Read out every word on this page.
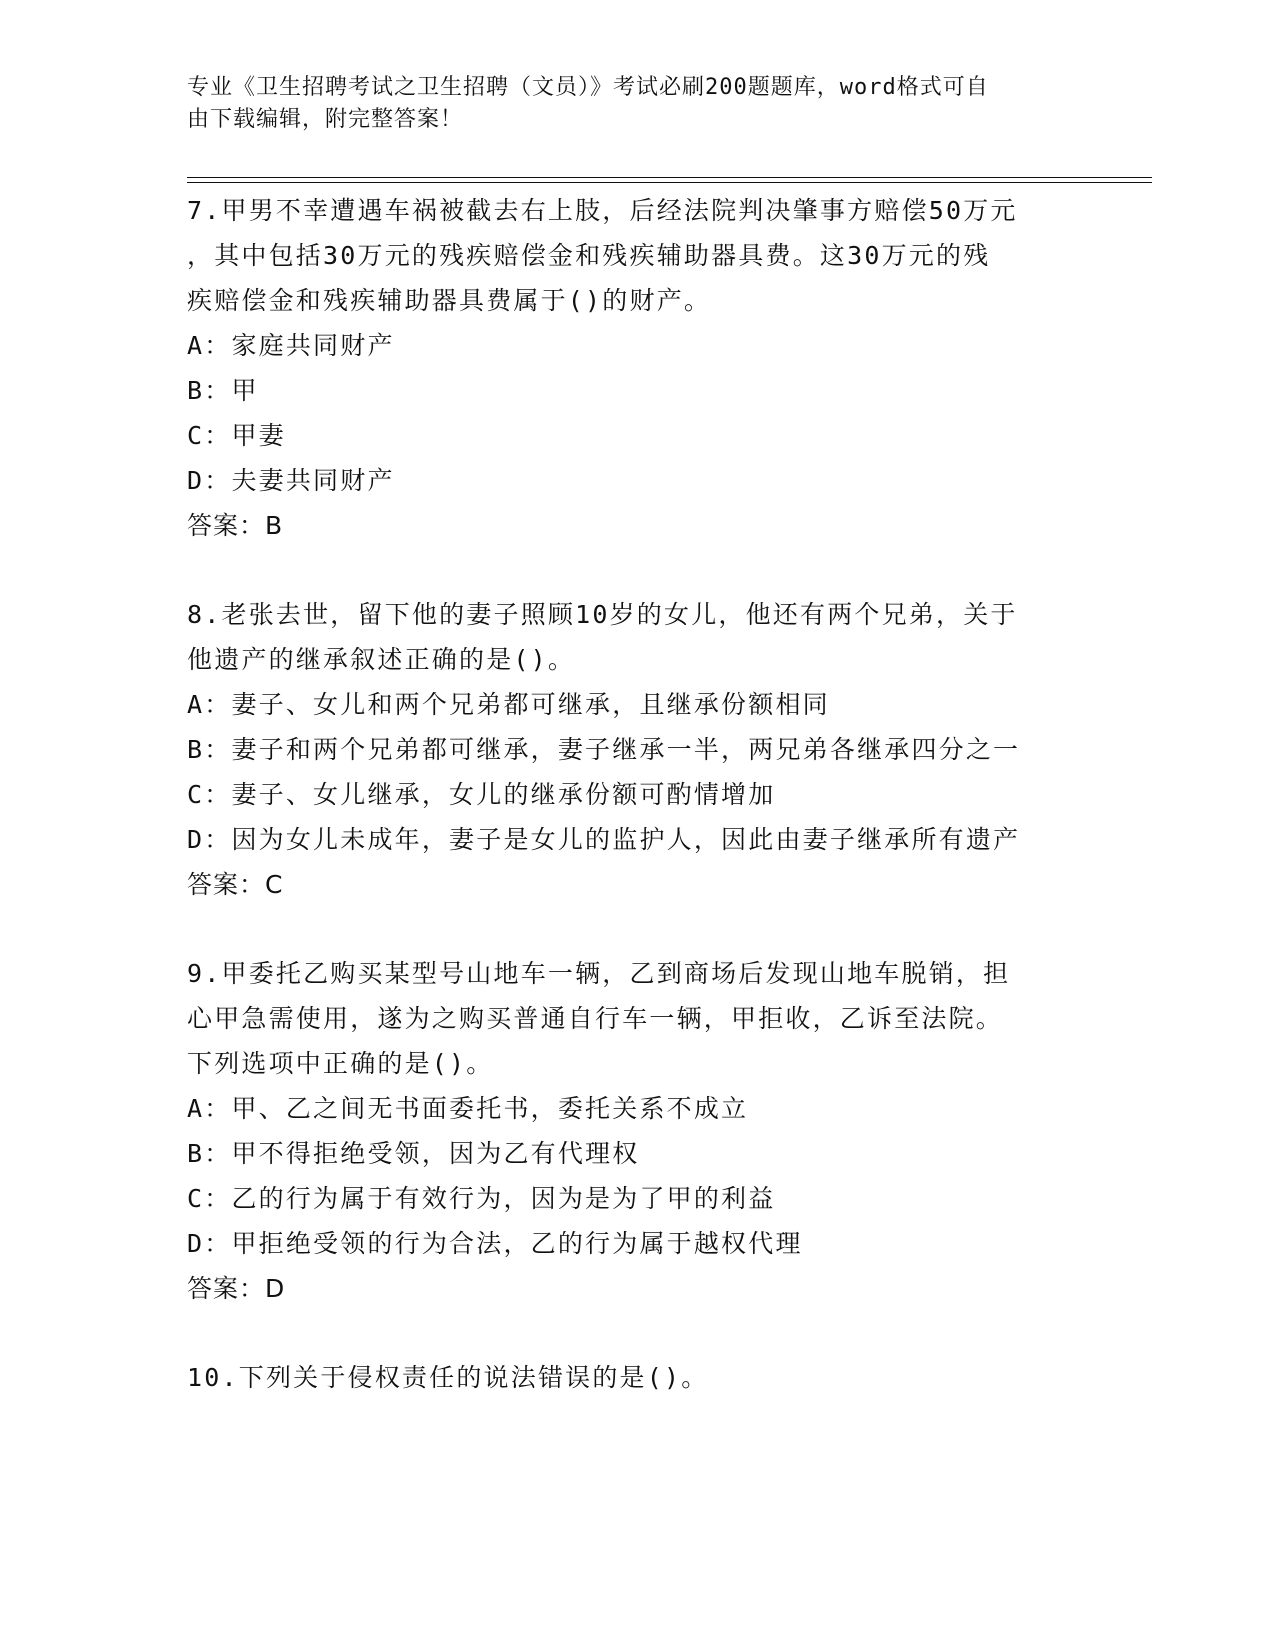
专业《卫生招聘考试之卫生招聘（文员）》考试必刷200题题库，word格式可自
由下载编辑，附完整答案！

7.甲男不幸遭遇车祸被截去右上肢，后经法院判决肇事方赔偿50万元

，其中包括30万元的残疾赔偿金和残疾辅助器具费。这30万元的残

疾赔偿金和残疾辅助器具费属于()的财产。

A：家庭共同财产

B：甲

C：甲妻

D：夫妻共同财产

答案：B

8.老张去世，留下他的妻子照顾10岁的女儿，他还有两个兄弟，关于

他遗产的继承叙述正确的是()。

A：妻子、女儿和两个兄弟都可继承，且继承份额相同

B：妻子和两个兄弟都可继承，妻子继承一半，两兄弟各继承四分之一

C：妻子、女儿继承，女儿的继承份额可酌情增加

D：因为女儿未成年，妻子是女儿的监护人，因此由妻子继承所有遗产

答案：C

9.甲委托乙购买某型号山地车一辆，乙到商场后发现山地车脱销，担

心甲急需使用，遂为之购买普通自行车一辆，甲拒收，乙诉至法院。

下列选项中正确的是()。

A：甲、乙之间无书面委托书，委托关系不成立

B：甲不得拒绝受领，因为乙有代理权

C：乙的行为属于有效行为，因为是为了甲的利益

D：甲拒绝受领的行为合法，乙的行为属于越权代理

答案：D

10.下列关于侵权责任的说法错误的是()。
